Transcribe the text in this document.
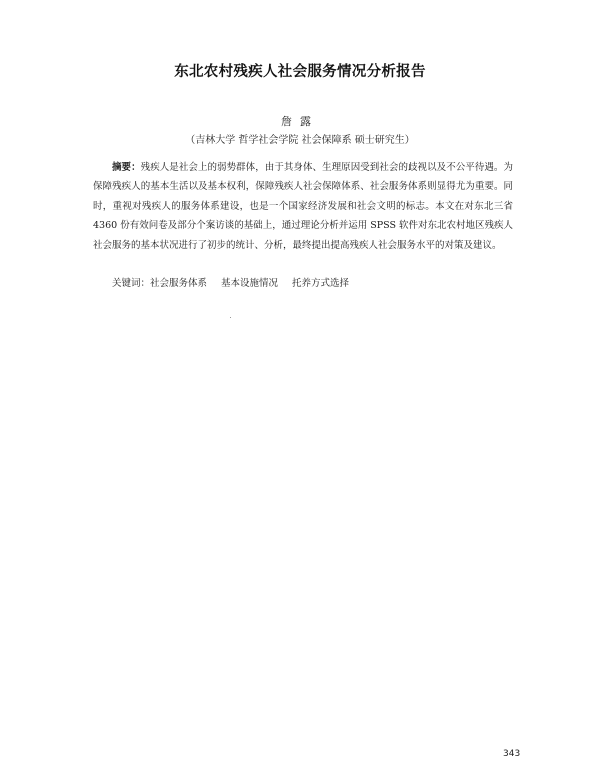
东北农村残疾人社会服务情况分析报告
詹露
（吉林大学 哲学社会学院 社会保障系 硕士研究生）
摘要：残疾人是社会上的弱势群体，由于其身体、生理原因受到社会的歧视以及不公平待遇。为保障残疾人的基本生活以及基本权利，保障残疾人社会保障体系、社会服务体系则显得尤为重要。同时，重视对残疾人的服务体系建设，也是一个国家经济发展和社会文明的标志。本文在对东北三省 4360 份有效问卷及部分个案访谈的基础上，通过理论分析并运用 SPSS 软件对东北农村地区残疾人社会服务的基本状况进行了初步的统计、分析，最终提出提高残疾人社会服务水平的对策及建议。
关键词：社会服务体系 基本设施情况 托养方式选择
343
